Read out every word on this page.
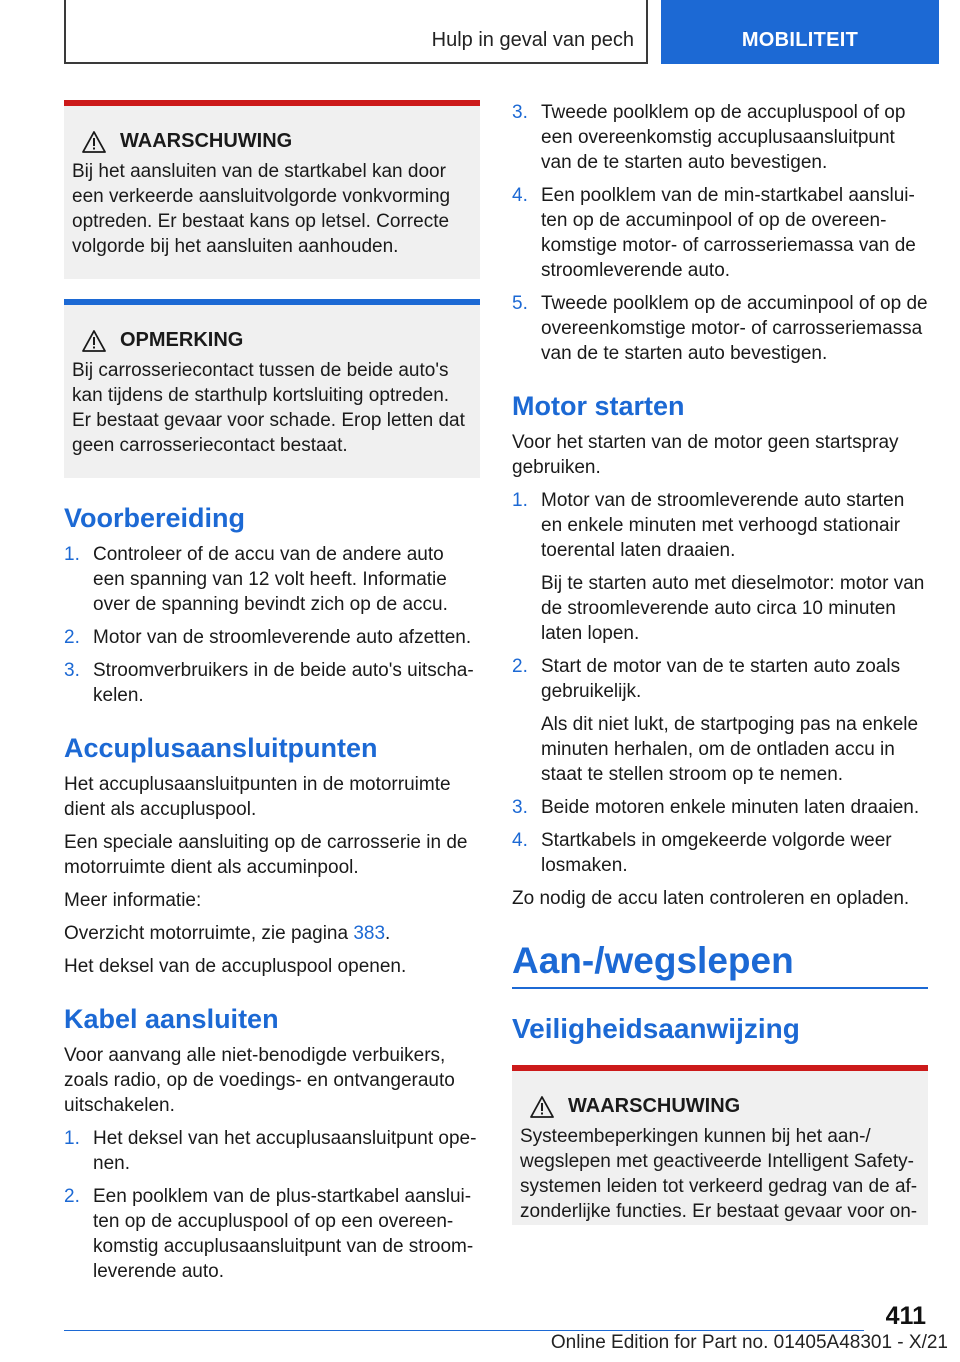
Hulp in geval van pech	MOBILITEIT
WAARSCHUWING
Bij het aansluiten van de startkabel kan door een verkeerde aansluitvolgorde vonkvorming optreden. Er bestaat kans op letsel. Correcte volgorde bij het aansluiten aanhouden.
OPMERKING
Bij carrosseriecontact tussen de beide auto's kan tijdens de starthulp kortsluiting optreden. Er bestaat gevaar voor schade. Erop letten dat geen carrosseriecontact bestaat.
Voorbereiding
1. Controleer of de accu van de andere auto een spanning van 12 volt heeft. Informatie over de spanning bevindt zich op de accu.
2. Motor van de stroomleverende auto afzetten.
3. Stroomverbruikers in de beide auto's uitschakelen.
Accuplusaansluitpunten

Het accuplusaansluitpunten in de motorruimte dient als accupluspool.

Een speciale aansluiting op de carrosserie in de motorruimte dient als accuminpool.

Meer informatie:

Overzicht motorruimte, zie pagina 383.

Het deksel van de accupluspool openen.

Kabel aansluiten

Voor aanvang alle niet-benodigde verbuikers, zoals radio, op de voedings- en ontvangerauto uitschakelen.

1. Het deksel van het accuplusaansluitpunt openen.
2. Een poolklem van de plus-startkabel aansluiten op de accupluspool of op een overeenkomstig accuplusaansluitpunt van de stroomleverende auto.
3. Tweede poolklem op de accupluspool of op een overeenkomstig accuplusaansluitpunt van de te starten auto bevestigen.
4. Een poolklem van de min-startkabel aansluiten op de accuminpool of op de overeenkomstige motor- of carrosseriemassa van de stroomleverende auto.
5. Tweede poolklem op de accuminpool of op de overeenkomstige motor- of carrosseriemassa van de te starten auto bevestigen.
Motor starten

Voor het starten van de motor geen startspray gebruiken.

1. Motor van de stroomleverende auto starten en enkele minuten met verhoogd stationair toerental laten draaien.
Bij te starten auto met dieselmotor: motor van de stroomleverende auto circa 10 minuten laten lopen.
2. Start de motor van de te starten auto zoals gebruikelijk.
Als dit niet lukt, de startpoging pas na enkele minuten herhalen, om de ontladen accu in staat te stellen stroom op te nemen.
3. Beide motoren enkele minuten laten draaien.
4. Startkabels in omgekeerde volgorde weer losmaken.

Zo nodig de accu laten controleren en opladen.

Aan-/wegslepen
Veiligheidsaanwijzing
WAARSCHUWING
Systeembeperkingen kunnen bij het aan-/ wegslepen met geactiveerde Intelligent Safety-systemen leiden tot verkeerd gedrag van de afzonderlijke functies. Er bestaat gevaar voor on-
411
Online Edition for Part no. 01405A48301 - X/21
